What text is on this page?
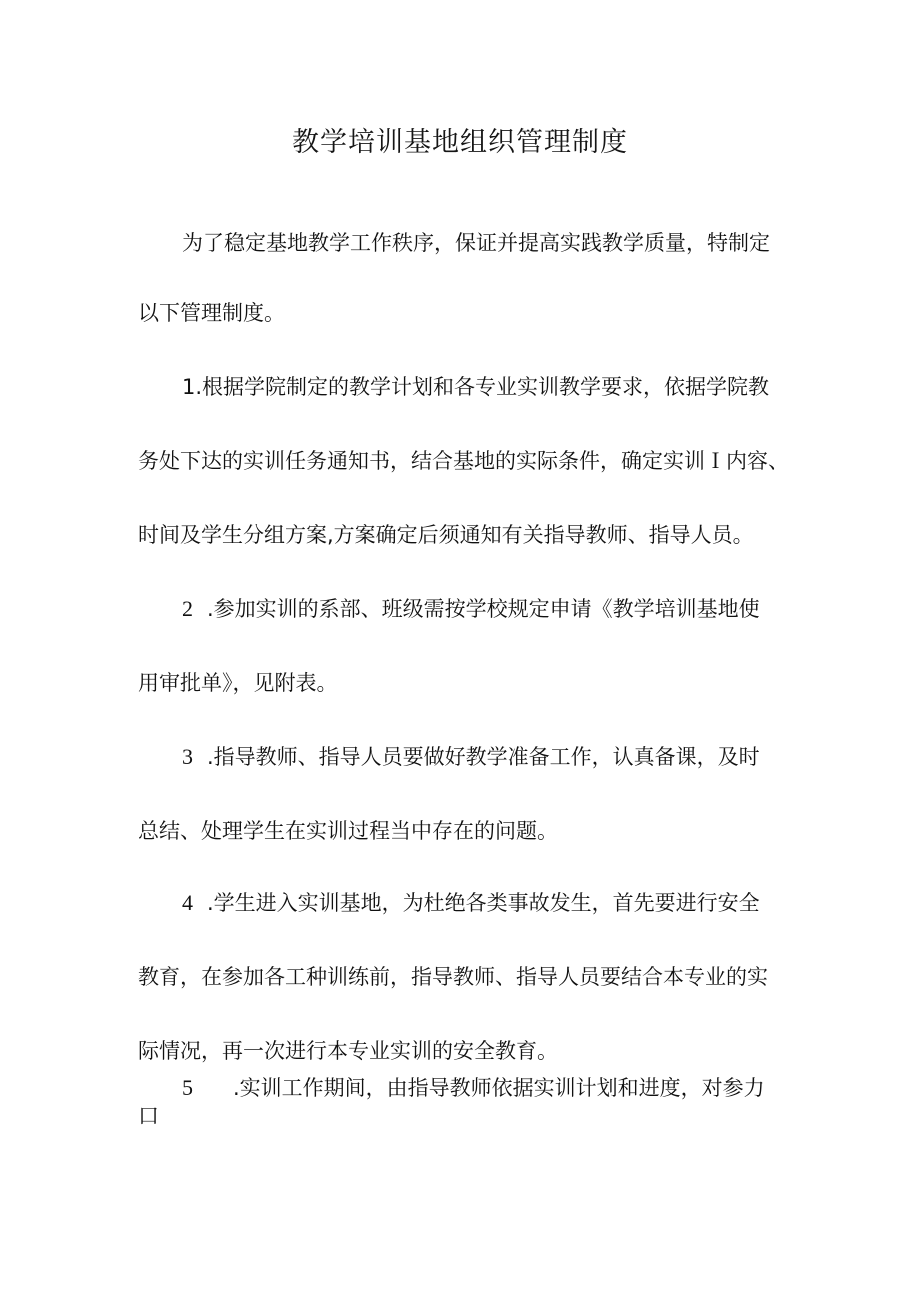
教学培训基地组织管理制度
为了稳定基地教学工作秩序，保证并提高实践教学质量，特制定
以下管理制度。
1.根据学院制定的教学计划和各专业实训教学要求，依据学院教
务处下达的实训任务通知书，结合基地的实际条件，确定实训Ｉ内容、
时间及学生分组方案,方案确定后须通知有关指导教师、指导人员。
2 .参加实训的系部、班级需按学校规定申请《教学培训基地使
用审批单》，见附表。
3 .指导教师、指导人员要做好教学准备工作，认真备课，及时
总结、处理学生在实训过程当中存在的问题。
4 .学生进入实训基地，为杜绝各类事故发生，首先要进行安全
教育，在参加各工种训练前，指导教师、指导人员要结合本专业的实
际情况，再一次进行本专业实训的安全教育。
5 .实训工作期间，由指导教师依据实训计划和进度，对参力
口
